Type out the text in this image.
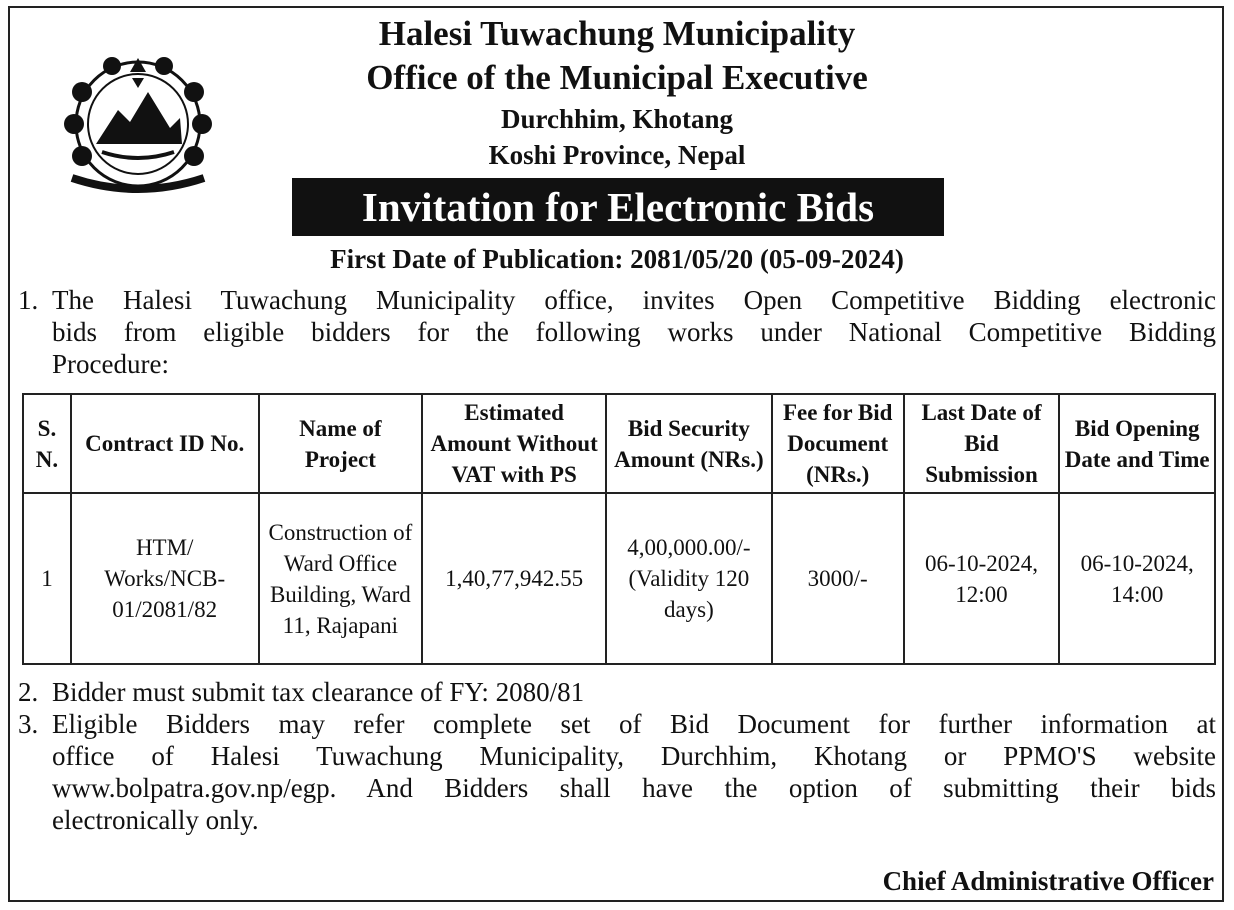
Halesi Tuwachung Municipality
Office of the Municipal Executive
Durchhim, Khotang
Koshi Province, Nepal
Invitation for Electronic Bids
First Date of Publication: 2081/05/20 (05-09-2024)
1. The Halesi Tuwachung Municipality office, invites Open Competitive Bidding electronic
bids from eligible bidders for the following works under National Competitive Bidding
Procedure:
S. N.	Contract ID No.	Name of Project	Estimated Amount Without VAT with PS	Bid Security Amount (NRs.)	Fee for Bid Document (NRs.)	Last Date of Bid Submission	Bid Opening Date and Time
1	HTM/ Works/NCB- 01/2081/82	Construction of Ward Office Building, Ward 11, Rajapani	1,40,77,942.55	4,00,000.00/- (Validity 120 days)	3000/-	06-10-2024, 12:00	06-10-2024, 14:00
2. Bidder must submit tax clearance of FY: 2080/81
3. Eligible Bidders may refer complete set of Bid Document for further information at
office of Halesi Tuwachung Municipality, Durchhim, Khotang or PPMO'S website
www.bolpatra.gov.np/egp. And Bidders shall have the option of submitting their bids
electronically only.
Chief Administrative Officer
